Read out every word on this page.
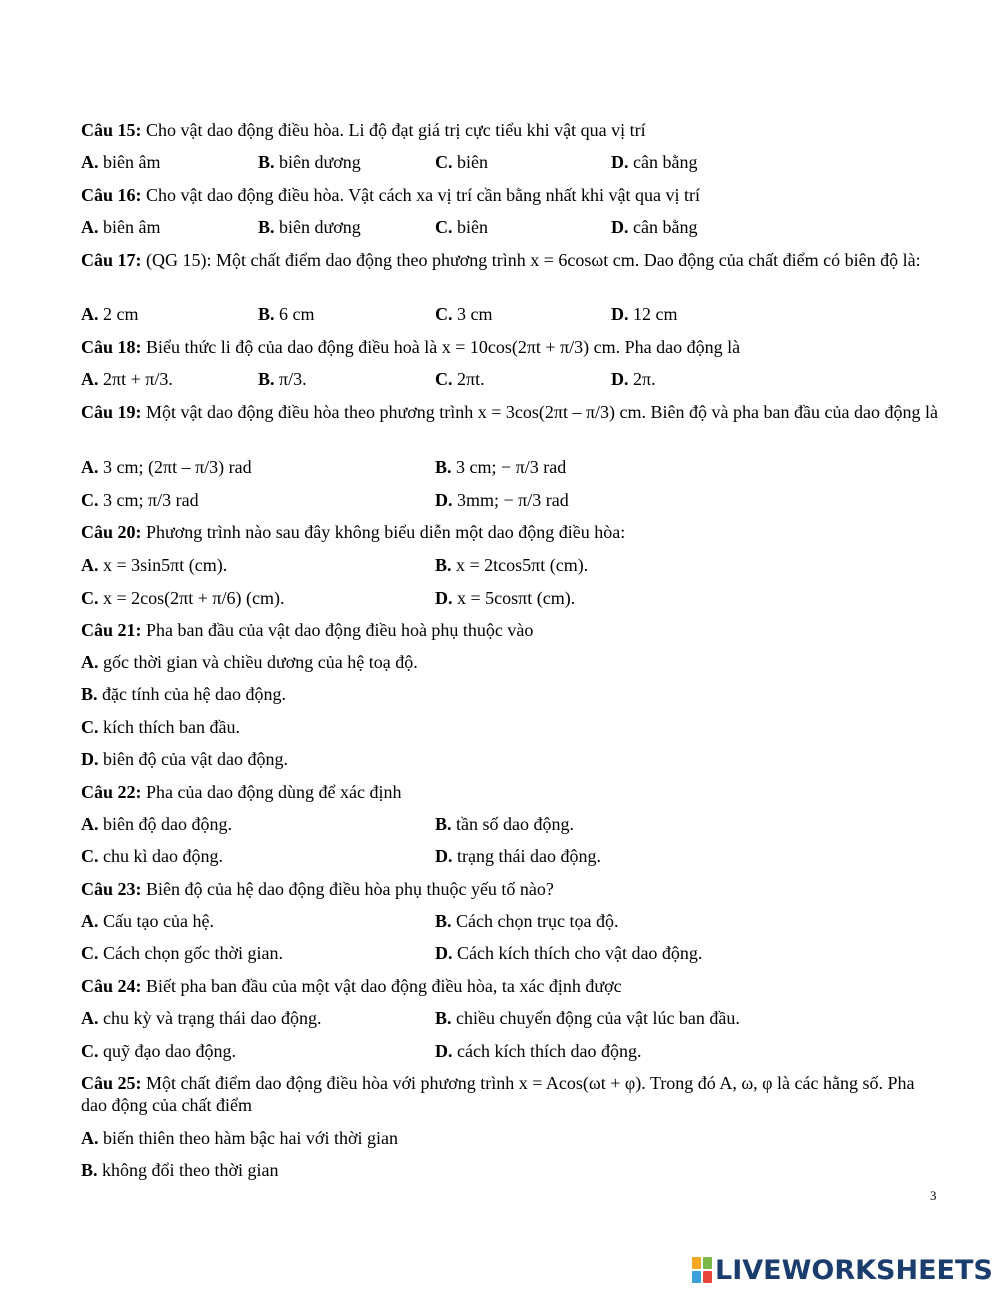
Câu 15: Cho vật dao động điều hòa. Li độ đạt giá trị cực tiểu khi vật qua vị trí
A. biên âm	B. biên dương	C. biên	D. cân bằng
Câu 16: Cho vật dao động điều hòa. Vật cách xa vị trí cần bằng nhất khi vật qua vị trí
A. biên âm	B. biên dương	C. biên	D. cân bằng
Câu 17: (QG 15): Một chất điểm dao động theo phương trình x = 6cosωt cm. Dao động của chất điểm có biên độ là:
A. 2 cm	B. 6 cm	C. 3 cm	D. 12 cm
Câu 18: Biểu thức li độ của dao động điều hoà là x = 10cos(2πt + π/3) cm. Pha dao động là
A. 2πt + π/3.	B. π/3.	C. 2πt.	D. 2π.
Câu 19: Một vật dao động điều hòa theo phương trình x = 3cos(2πt – π/3) cm. Biên độ và pha ban đầu của dao động là
A. 3 cm; (2πt – π/3) rad	B. 3 cm; − π/3 rad
C. 3 cm; π/3 rad	D. 3mm; − π/3 rad
Câu 20: Phương trình nào sau đây không biểu diễn một dao động điều hòa:
A. x = 3sin5πt (cm).	B. x = 2tcos5πt (cm).
C. x = 2cos(2πt + π/6) (cm).	D. x = 5cosπt (cm).
Câu 21: Pha ban đầu của vật dao động điều hoà phụ thuộc vào
A. gốc thời gian và chiều dương của hệ toạ độ.
B. đặc tính của hệ dao động.
C. kích thích ban đầu.
D. biên độ của vật dao động.
Câu 22: Pha của dao động dùng để xác định
A. biên độ dao động.	B. tần số dao động.
C. chu kì dao động.	D. trạng thái dao động.
Câu 23: Biên độ của hệ dao động điều hòa phụ thuộc yếu tố nào?
A. Cấu tạo của hệ.	B. Cách chọn trục tọa độ.
C. Cách chọn gốc thời gian.	D. Cách kích thích cho vật dao động.
Câu 24: Biết pha ban đầu của một vật dao động điều hòa, ta xác định được
A. chu kỳ và trạng thái dao động.	B. chiều chuyển động của vật lúc ban đầu.
C. quỹ đạo dao động.	D. cách kích thích dao động.
Câu 25: Một chất điểm dao động điều hòa với phương trình x = Acos(ωt + φ). Trong đó A, ω, φ là các hằng số. Pha dao động của chất điểm
A. biến thiên theo hàm bậc hai với thời gian
B. không đổi theo thời gian
3
LIVEWORKSHEETS
